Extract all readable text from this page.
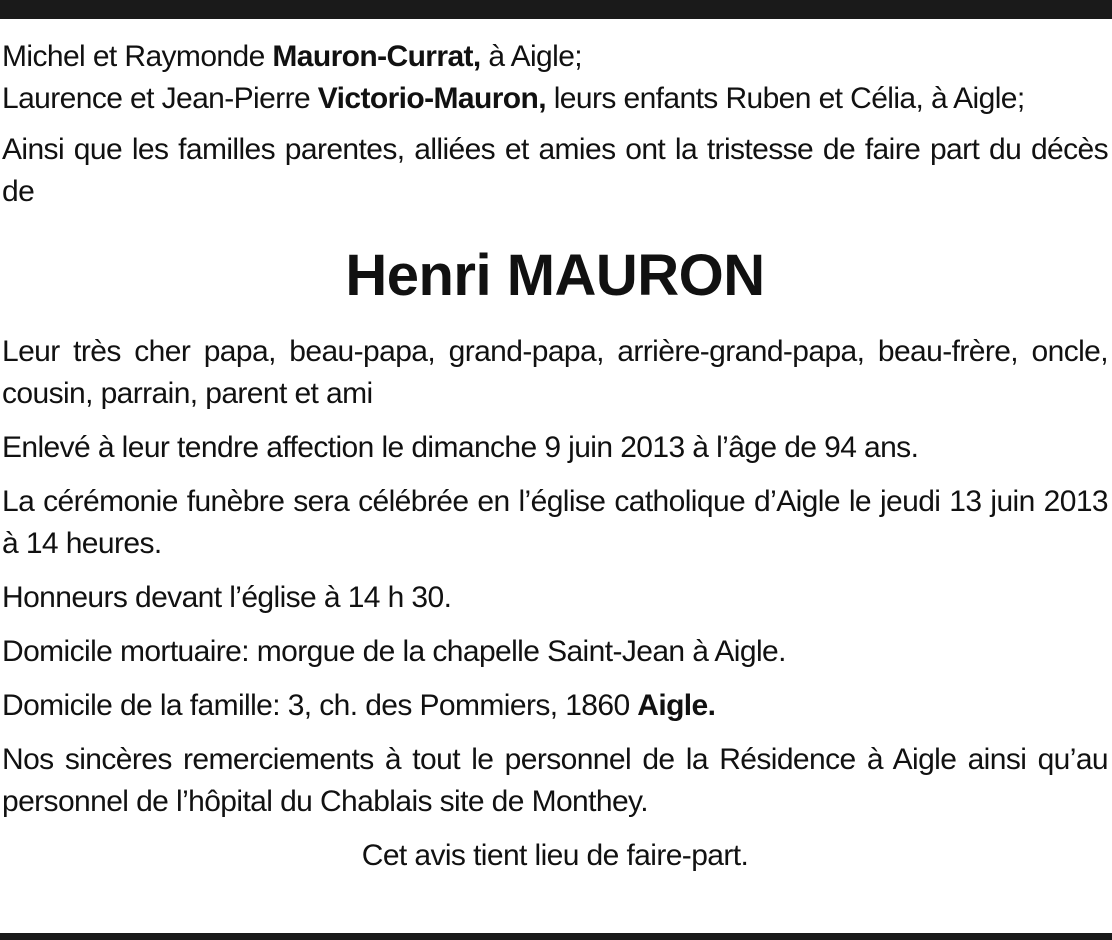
Michel et Raymonde Mauron-Currat, à Aigle;

Laurence et Jean-Pierre Victorio-Mauron, leurs enfants Ruben et Célia, à Aigle;

Ainsi que les familles parentes, alliées et amies ont la tristesse de faire part du décès de

Henri MAURON

Leur très cher papa, beau-papa, grand-papa, arrière-grand-papa, beau-frère, oncle, cousin, parrain, parent et ami

Enlevé à leur tendre affection le dimanche 9 juin 2013 à l’âge de 94 ans.

La cérémonie funèbre sera célébrée en l’église catholique d’Aigle le jeudi 13 juin 2013 à 14 heures.

Honneurs devant l’église à 14 h 30.

Domicile mortuaire: morgue de la chapelle Saint-Jean à Aigle.

Domicile de la famille: 3, ch. des Pommiers, 1860 Aigle.

Nos sincères remerciements à tout le personnel de la Résidence à Aigle ainsi qu’au personnel de l’hôpital du Chablais site de Monthey.

Cet avis tient lieu de faire-part.
